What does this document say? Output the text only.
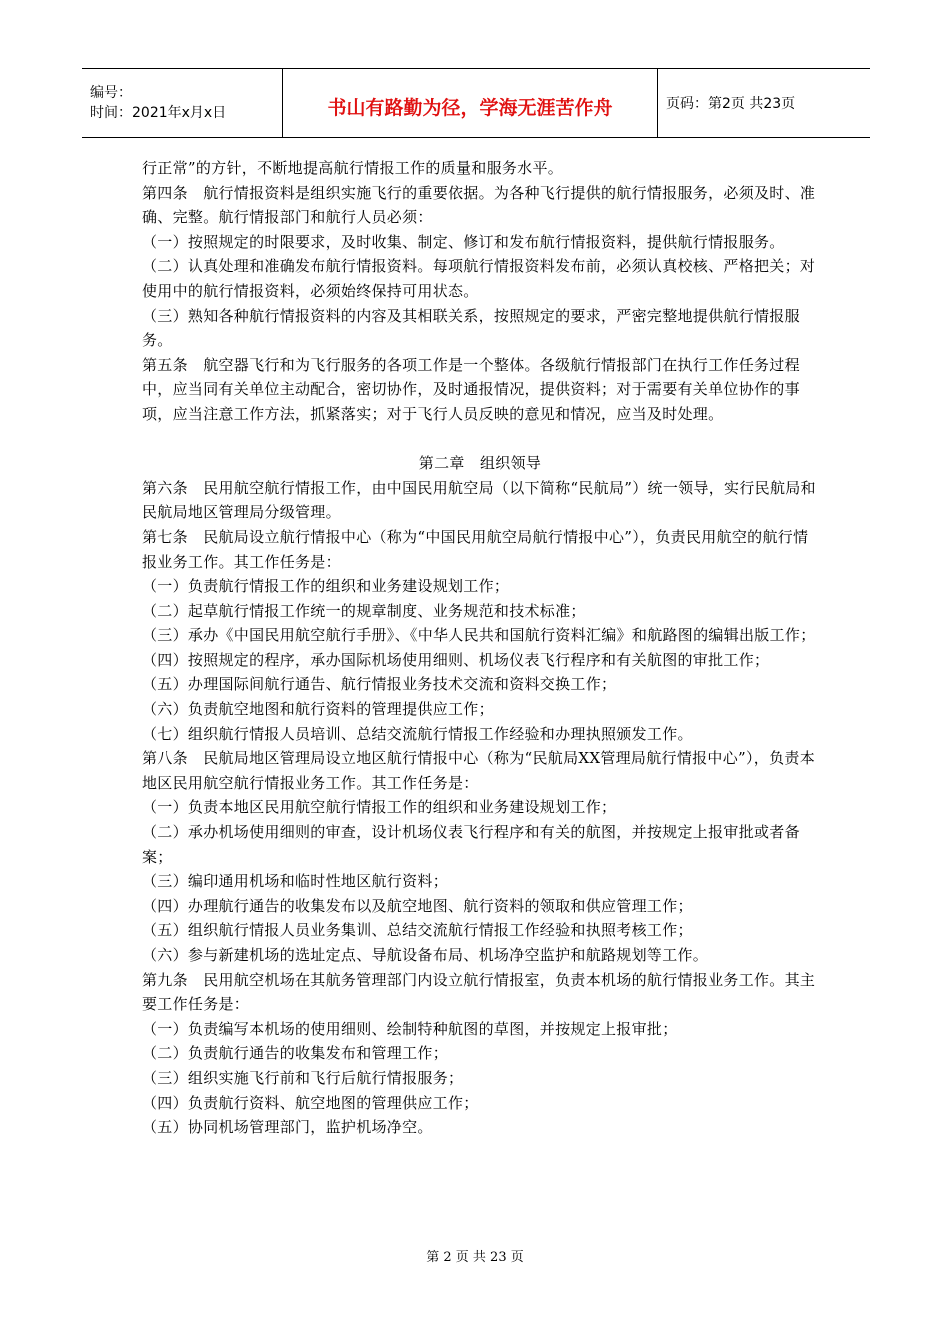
编号：
时间：2021年x月x日	书山有路勤为径，学海无涯苦作舟	页码：第2页 共23页

行正常”的方针，不断地提高航行情报工作的质量和服务水平。

第四条　航行情报资料是组织实施飞行的重要依据。为各种飞行提供的航行情报服务，必须及时、准确、完整。航行情报部门和航行人员必须：

（一）按照规定的时限要求，及时收集、制定、修订和发布航行情报资料，提供航行情报服务。

（二）认真处理和准确发布航行情报资料。每项航行情报资料发布前，必须认真校核、严格把关；对使用中的航行情报资料，必须始终保持可用状态。

（三）熟知各种航行情报资料的内容及其相联关系，按照规定的要求，严密完整地提供航行情报服务。

第五条　航空器飞行和为飞行服务的各项工作是一个整体。各级航行情报部门在执行工作任务过程中，应当同有关单位主动配合，密切协作，及时通报情况，提供资料；对于需要有关单位协作的事项，应当注意工作方法，抓紧落实；对于飞行人员反映的意见和情况，应当及时处理。

第二章　组织领导

第六条　民用航空航行情报工作，由中国民用航空局（以下简称“民航局”）统一领导，实行民航局和民航局地区管理局分级管理。

第七条　民航局设立航行情报中心（称为“中国民用航空局航行情报中心”），负责民用航空的航行情报业务工作。其工作任务是：

（一）负责航行情报工作的组织和业务建设规划工作；

（二）起草航行情报工作统一的规章制度、业务规范和技术标准；

（三）承办《中国民用航空航行手册》、《中华人民共和国航行资料汇编》和航路图的编辑出版工作；

（四）按照规定的程序，承办国际机场使用细则、机场仪表飞行程序和有关航图的审批工作；

（五）办理国际间航行通告、航行情报业务技术交流和资料交换工作；

（六）负责航空地图和航行资料的管理提供应工作；

（七）组织航行情报人员培训、总结交流航行情报工作经验和办理执照颁发工作。

第八条　民航局地区管理局设立地区航行情报中心（称为“民航局XX管理局航行情报中心”），负责本地区民用航空航行情报业务工作。其工作任务是：

（一）负责本地区民用航空航行情报工作的组织和业务建设规划工作；

（二）承办机场使用细则的审查，设计机场仪表飞行程序和有关的航图，并按规定上报审批或者备案；

（三）编印通用机场和临时性地区航行资料；

（四）办理航行通告的收集发布以及航空地图、航行资料的领取和供应管理工作；

（五）组织航行情报人员业务集训、总结交流航行情报工作经验和执照考核工作；

（六）参与新建机场的选址定点、导航设备布局、机场净空监护和航路规划等工作。

第九条　民用航空机场在其航务管理部门内设立航行情报室，负责本机场的航行情报业务工作。其主要工作任务是：

（一）负责编写本机场的使用细则、绘制特种航图的草图，并按规定上报审批；

（二）负责航行通告的收集发布和管理工作；

（三）组织实施飞行前和飞行后航行情报服务；

（四）负责航行资料、航空地图的管理供应工作；

（五）协同机场管理部门，监护机场净空。

第 2 页 共 23 页
